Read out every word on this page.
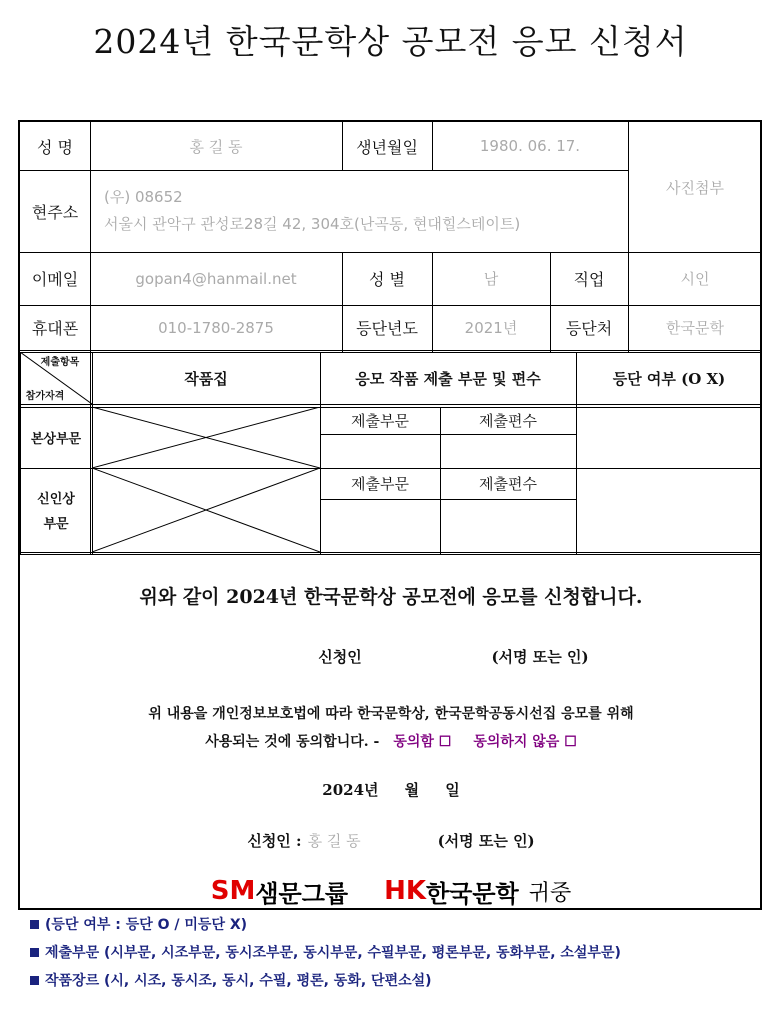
2024년 한국문학상 공모전 응모 신청서
성 명	홍 길 동	생년월일	1980. 06. 17.
사진첨부
현주소
(우) 08652
서울시 관악구 관성로28길 42, 304호(난곡동, 현대힐스테이트)
이메일	gopan4@hanmail.net	성 별	남	직업	시인
휴대폰	010-1780-2875	등단년도	2021년	등단처	한국문학
제출항목
참가자격
작품집	응모 작품 제출 부문 및 편수	등단 여부 (O X)
본상부문
제출부문	제출편수
신인상
부문
제출부문	제출편수
위와 같이 2024년 한국문학상 공모전에 응모를 신청합니다.
신청인	(서명 또는 인)
위 내용을 개인정보보호법에 따라 한국문학상, 한국문학공동시선집 응모를 위해
사용되는 것에 동의합니다. - 동의함 ☐ 동의하지 않음 ☐
2024년     월     일
신청인 : 홍 길 동	(서명 또는 인)
SM 샘문그룹 HK 한국문학 귀중
(등단 여부 : 등단 O / 미등단 X)
제출부문 (시부문, 시조부문, 동시조부문, 동시부문, 수필부문, 평론부문, 동화부문, 소설부문)
작품장르 (시, 시조, 동시조, 동시, 수필, 평론, 동화, 단편소설)
